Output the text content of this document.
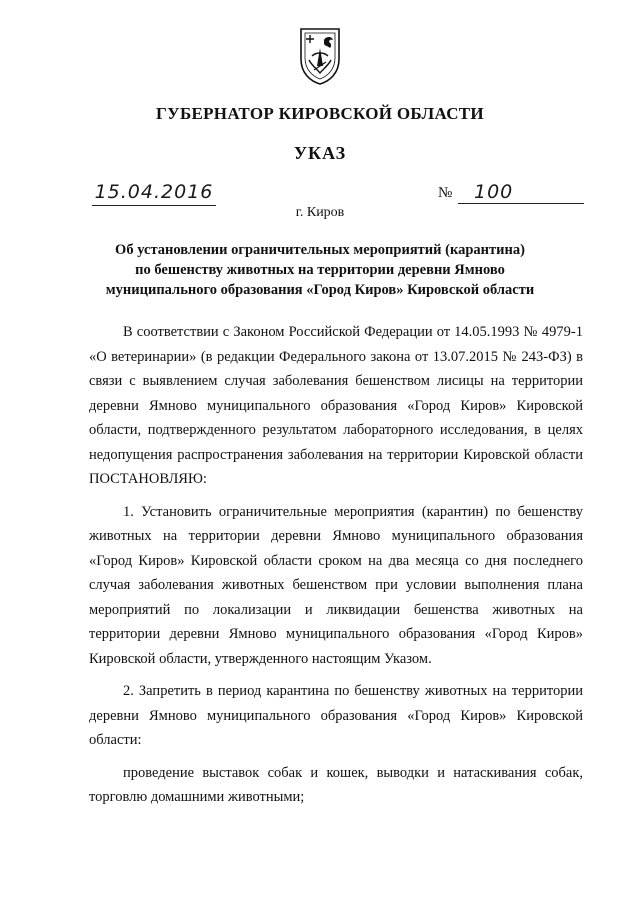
ГУБЕРНАТОР КИРОВСКОЙ ОБЛАСТИ
УКАЗ
15.04.2016	№	100
г. Киров
Об установлении ограничительных мероприятий (карантина)
по бешенству животных на территории деревни Ямново
муниципального образования «Город Киров» Кировской области

В соответствии с Законом Российской Федерации от 14.05.1993 № 4979-1 «О ветеринарии» (в редакции Федерального закона от 13.07.2015 № 243-ФЗ) в связи с выявлением случая заболевания бешенством лисицы на территории деревни Ямново муниципального образования «Город Киров» Кировской области, подтвержденного результатом лабораторного исследования, в целях недопущения распространения заболевания на территории Кировской области ПОСТАНОВЛЯЮ:

1. Установить ограничительные мероприятия (карантин) по бешенству животных на территории деревни Ямново муниципального образования «Город Киров» Кировской области сроком на два месяца со дня последнего случая заболевания животных бешенством при условии выполнения плана мероприятий по локализации и ликвидации бешенства животных на территории деревни Ямново муниципального образования «Город Киров» Кировской области, утвержденного настоящим Указом.

2. Запретить в период карантина по бешенству животных на территории деревни Ямново муниципального образования «Город Киров» Кировской области:

проведение выставок собак и кошек, выводки и натаскивания собак, торговлю домашними животными;
